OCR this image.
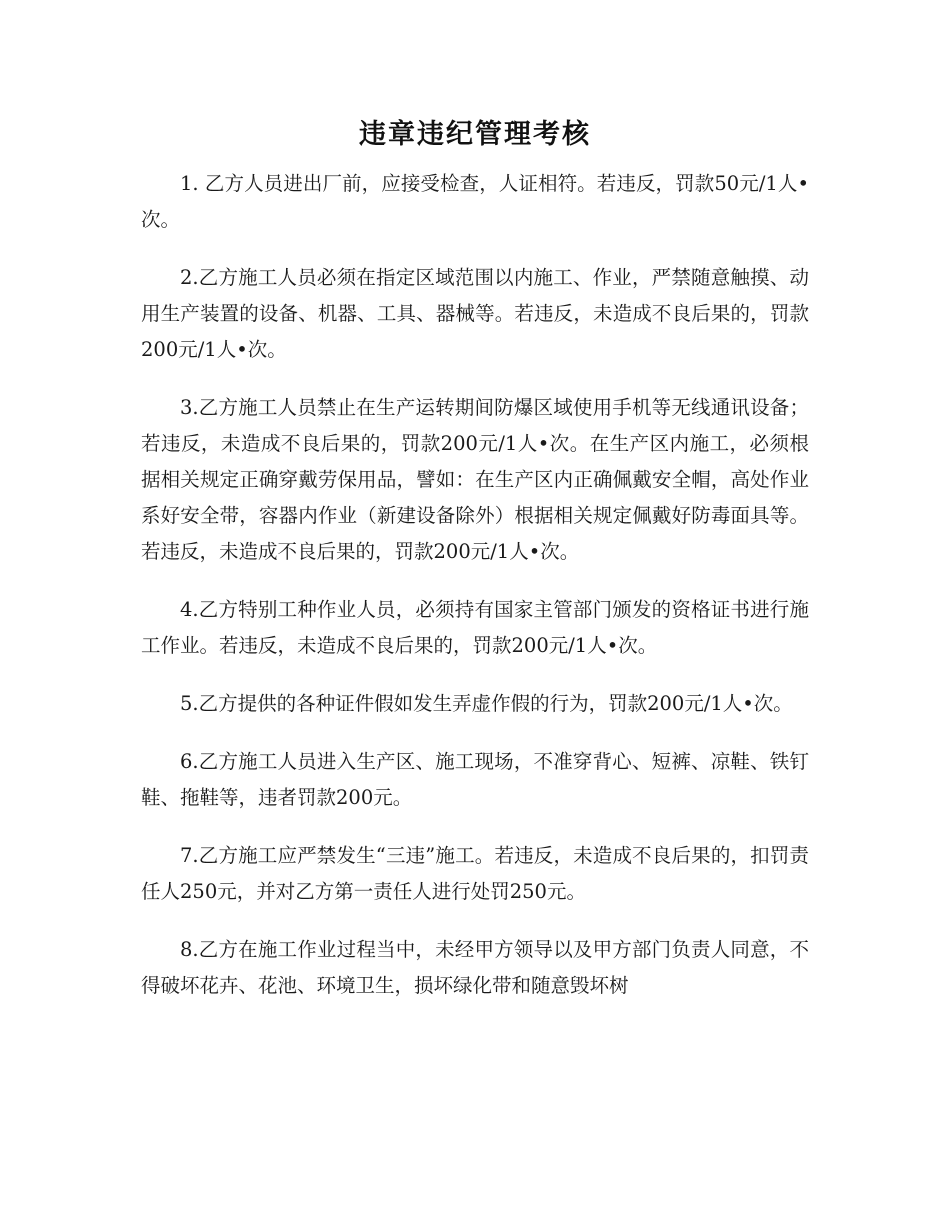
违章违纪管理考核

1. 乙方人员进出厂前，应接受检查，人证相符。若违反，罚款50元/1人•次。

2.乙方施工人员必须在指定区域范围以内施工、作业，严禁随意触摸、动用生产装置的设备、机器、工具、器械等。若违反，未造成不良后果的，罚款200元/1人•次。

3.乙方施工人员禁止在生产运转期间防爆区域使用手机等无线通讯设备；若违反，未造成不良后果的，罚款200元/1人•次。在生产区内施工，必须根据相关规定正确穿戴劳保用品，譬如：在生产区内正确佩戴安全帽，高处作业系好安全带，容器内作业（新建设备除外）根据相关规定佩戴好防毒面具等。若违反，未造成不良后果的，罚款200元/1人•次。

4.乙方特别工种作业人员，必须持有国家主管部门颁发的资格证书进行施工作业。若违反，未造成不良后果的，罚款200元/1人•次。

5.乙方提供的各种证件假如发生弄虚作假的行为，罚款200元/1人•次。

6.乙方施工人员进入生产区、施工现场，不准穿背心、短裤、凉鞋、铁钉鞋、拖鞋等，违者罚款200元。

7.乙方施工应严禁发生“三违”施工。若违反，未造成不良后果的，扣罚责任人250元，并对乙方第一责任人进行处罚250元。

8.乙方在施工作业过程当中，未经甲方领导以及甲方部门负责人同意，不得破坏花卉、花池、环境卫生，损坏绿化带和随意毁坏树
